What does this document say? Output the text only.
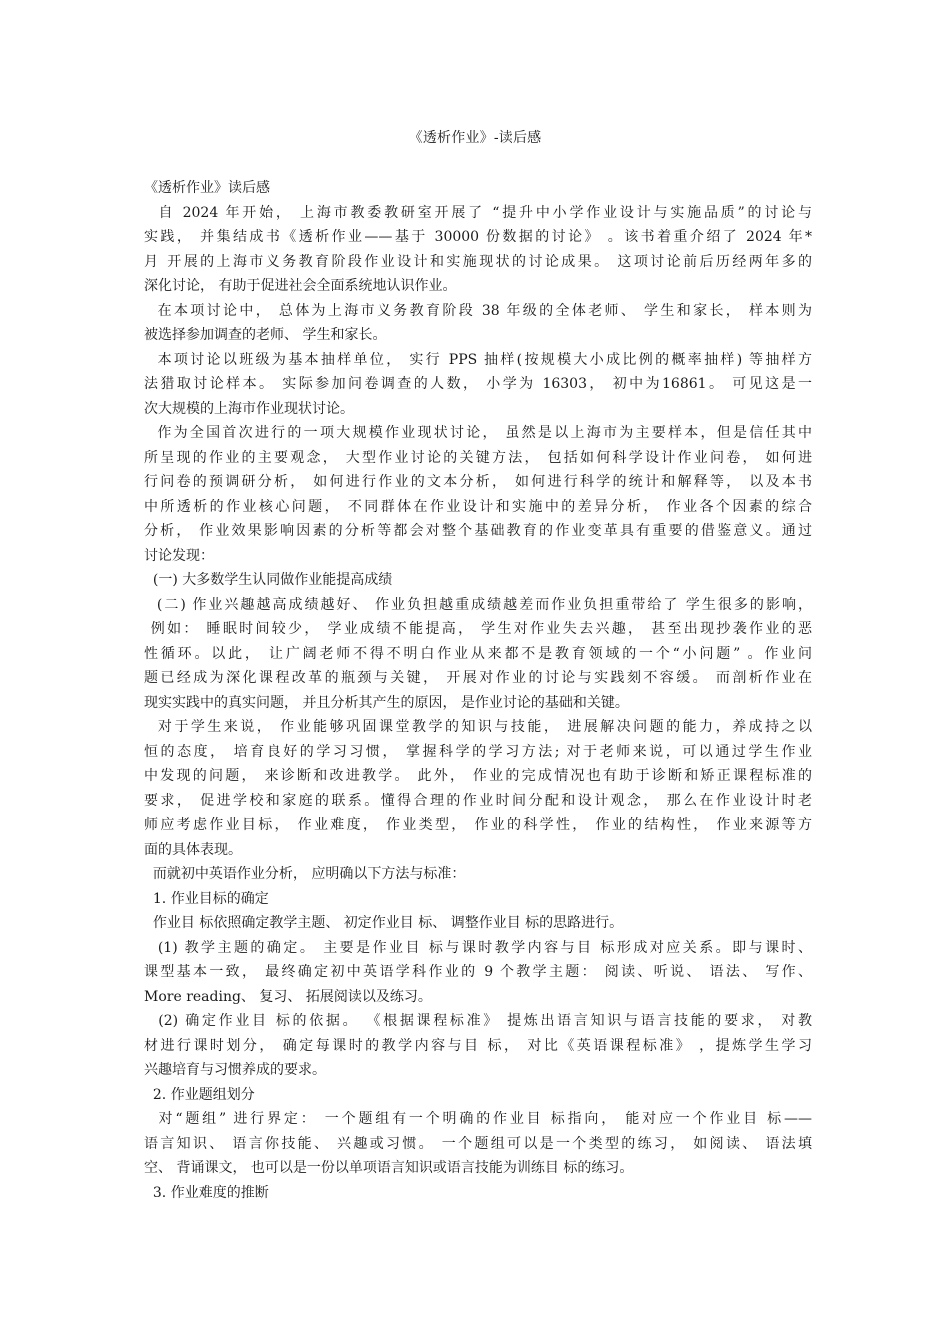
《透析作业》-读后感

《透析作业》读后感

自 2024 年开始， 上海市教委教研室开展了 “提升中小学作业设计与实施品质”的讨论与

实践， 并集结成书《透析作业——基于 30000 份数据的讨论》 。该书着重介绍了 2024 年*

月 开展的上海市义务教育阶段作业设计和实施现状的讨论成果。 这项讨论前后历经两年多的

深化讨论， 有助于促进社会全面系统地认识作业。

在本项讨论中， 总体为上海市义务教育阶段 38 年级的全体老师、 学生和家长， 样本则为

被选择参加调查的老师、 学生和家长。

本项讨论以班级为基本抽样单位， 实行 PPS 抽样(按规模大小成比例的概率抽样) 等抽样方

法猎取讨论样本。 实际参加问卷调查的人数， 小学为 16303， 初中为16861。 可见这是一

次大规模的上海市作业现状讨论。

作为全国首次进行的一项大规模作业现状讨论， 虽然是以上海市为主要样本，但是信任其中

所呈现的作业的主要观念， 大型作业讨论的关键方法， 包括如何科学设计作业问卷， 如何进

行问卷的预调研分析， 如何进行作业的文本分析， 如何进行科学的统计和解释等， 以及本书

中所透析的作业核心问题， 不同群体在作业设计和实施中的差异分析， 作业各个因素的综合

分析， 作业效果影响因素的分析等都会对整个基础教育的作业变革具有重要的借鉴意义。通过

讨论发现：

(一) 大多数学生认同做作业能提高成绩

(二) 作业兴趣越高成绩越好、 作业负担越重成绩越差而作业负担重带给了 学生很多的影响，

例如： 睡眠时间较少， 学业成绩不能提高， 学生对作业失去兴趣， 甚至出现抄袭作业的恶

性循环。以此， 让广阔老师不得不明白作业从来都不是教育领域的一个“小问题” 。作业问

题已经成为深化课程改革的瓶颈与关键， 开展对作业的讨论与实践刻不容缓。 而剖析作业在

现实实践中的真实问题， 并且分析其产生的原因， 是作业讨论的基础和关键。

对于学生来说， 作业能够巩固课堂教学的知识与技能， 进展解决问题的能力，养成持之以

恒的态度， 培育良好的学习习惯， 掌握科学的学习方法; 对于老师来说，可以通过学生作业

中发现的问题， 来诊断和改进教学。 此外， 作业的完成情况也有助于诊断和矫正课程标准的

要求， 促进学校和家庭的联系。懂得合理的作业时间分配和设计观念， 那么在作业设计时老

师应考虑作业目标， 作业难度， 作业类型， 作业的科学性， 作业的结构性， 作业来源等方

面的具体表现。

而就初中英语作业分析， 应明确以下方法与标准：

1. 作业目标的确定

作业目 标依照确定教学主题、 初定作业目 标、 调整作业目 标的思路进行。

(1) 教学主题的确定。 主要是作业目 标与课时教学内容与目 标形成对应关系。即与课时、

课型基本一致， 最终确定初中英语学科作业的 9 个教学主题： 阅读、听说、 语法、 写作、

More reading、 复习、 拓展阅读以及练习。

(2) 确定作业目 标的依据。 《根据课程标准》 提炼出语言知识与语言技能的要求， 对教

材进行课时划分， 确定每课时的教学内容与目 标， 对比《英语课程标准》 ，提炼学生学习

兴趣培育与习惯养成的要求。

2. 作业题组划分

对“题组” 进行界定： 一个题组有一个明确的作业目 标指向， 能对应一个作业目 标——

语言知识、 语言你技能、 兴趣或习惯。 一个题组可以是一个类型的练习， 如阅读、 语法填

空、 背诵课文， 也可以是一份以单项语言知识或语言技能为训练目 标的练习。

3. 作业难度的推断
